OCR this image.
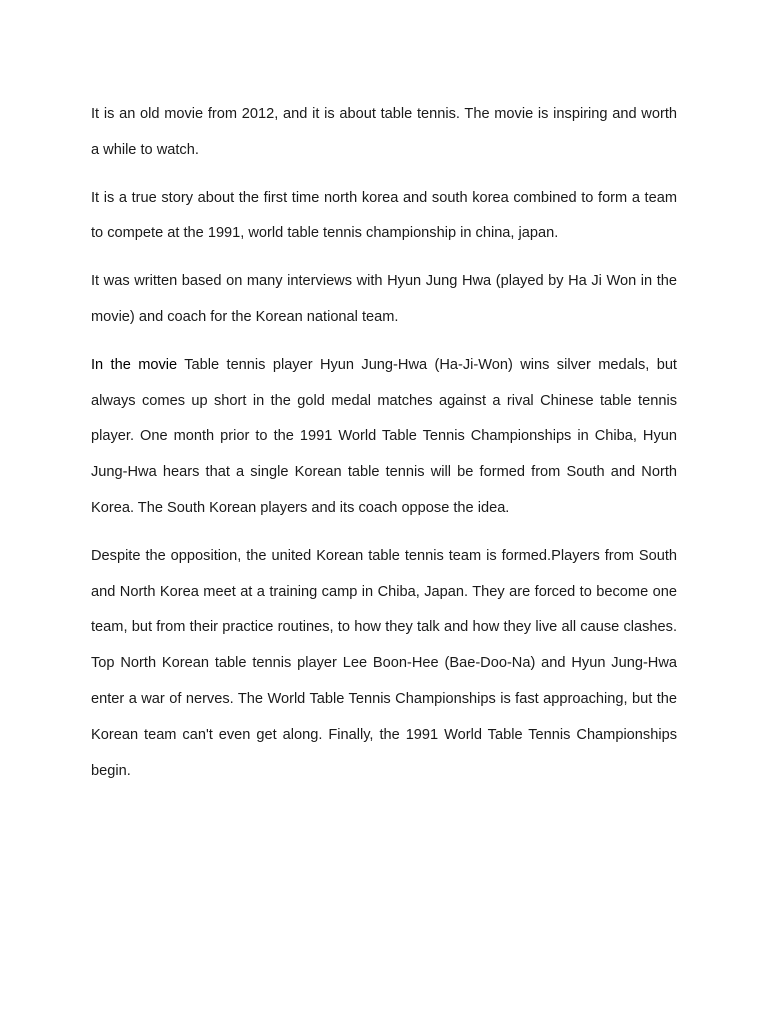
It is an old movie from 2012, and it is about table tennis. The movie is inspiring and worth a while to watch.

It is a true story about the first time north korea and south korea combined to form a team to compete at the 1991, world table tennis championship in china, japan.

It was written based on many interviews with Hyun Jung Hwa (played by Ha Ji Won in the movie) and coach for the Korean national team.

In the movie Table tennis player Hyun Jung-Hwa (Ha-Ji-Won) wins silver medals, but always comes up short in the gold medal matches against a rival Chinese table tennis player. One month prior to the 1991 World Table Tennis Championships in Chiba, Hyun Jung-Hwa hears that a single Korean table tennis will be formed from South and North Korea. The South Korean players and its coach oppose the idea.

Despite the opposition, the united Korean table tennis team is formed.Players from South and North Korea meet at a training camp in Chiba, Japan. They are forced to become one team, but from their practice routines, to how they talk and how they live all cause clashes. Top North Korean table tennis player Lee Boon-Hee (Bae-Doo-Na) and Hyun Jung-Hwa enter a war of nerves. The World Table Tennis Championships is fast approaching, but the Korean team can't even get along. Finally, the 1991 World Table Tennis Championships begin.
